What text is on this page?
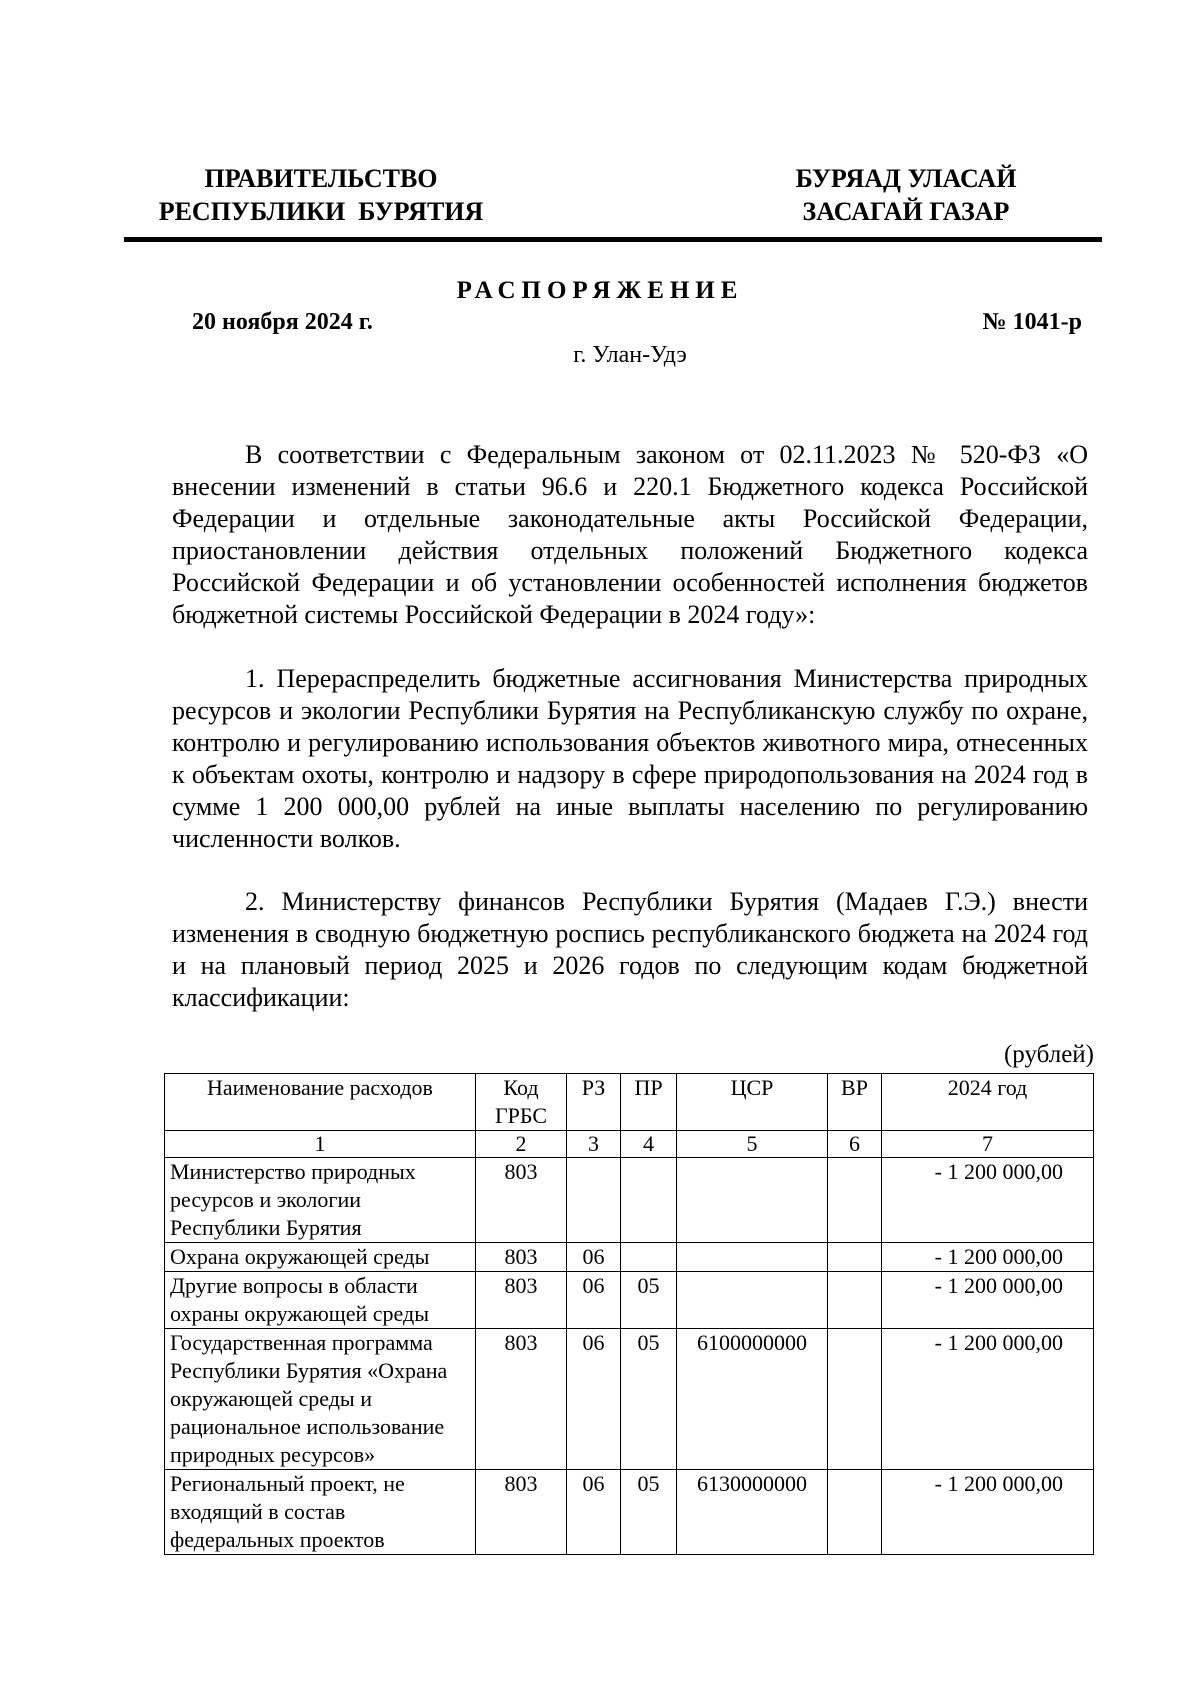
ПРАВИТЕЛЬСТВО
РЕСПУБЛИКИ  БУРЯТИЯ
БУРЯАД УЛАСАЙ
ЗАСАГАЙ ГАЗАР
РАСПОРЯЖЕНИЕ
20 ноября 2024 г.	№ 1041-р
г. Улан-Удэ
В соответствии с Федеральным законом от 02.11.2023 № 520-ФЗ «О внесении изменений в статьи 96.6 и 220.1 Бюджетного кодекса Российской Федерации и отдельные законодательные акты Российской Федерации, приостановлении действия отдельных положений Бюджетного кодекса Российской Федерации и об установлении особенностей исполнения бюджетов бюджетной системы Российской Федерации в 2024 году»:
1. Перераспределить бюджетные ассигнования Министерства природных ресурсов и экологии Республики Бурятия на Республиканскую службу по охране, контролю и регулированию использования объектов животного мира, отнесенных к объектам охоты, контролю и надзору в сфере природопользования на 2024 год в сумме 1 200 000,00 рублей на иные выплаты населению по регулированию численности волков.
2. Министерству финансов Республики Бурятия (Мадаев Г.Э.) внести изменения в сводную бюджетную роспись республиканского бюджета на 2024 год и на плановый период 2025 и 2026 годов по следующим кодам бюджетной классификации:
(рублей)
Наименование расходов	Код ГРБС	РЗ	ПР	ЦСР	ВР	2024 год
1	2	3	4	5	6	7
Министерство природных ресурсов и экологии Республики Бурятия	803					- 1 200 000,00
Охрана окружающей среды	803	06				- 1 200 000,00
Другие вопросы в области охраны окружающей среды	803	06	05			- 1 200 000,00
Государственная программа Республики Бурятия «Охрана окружающей среды и рациональное использование природных ресурсов»	803	06	05	6100000000		- 1 200 000,00
Региональный проект, не входящий в состав федеральных проектов	803	06	05	6130000000		- 1 200 000,00
